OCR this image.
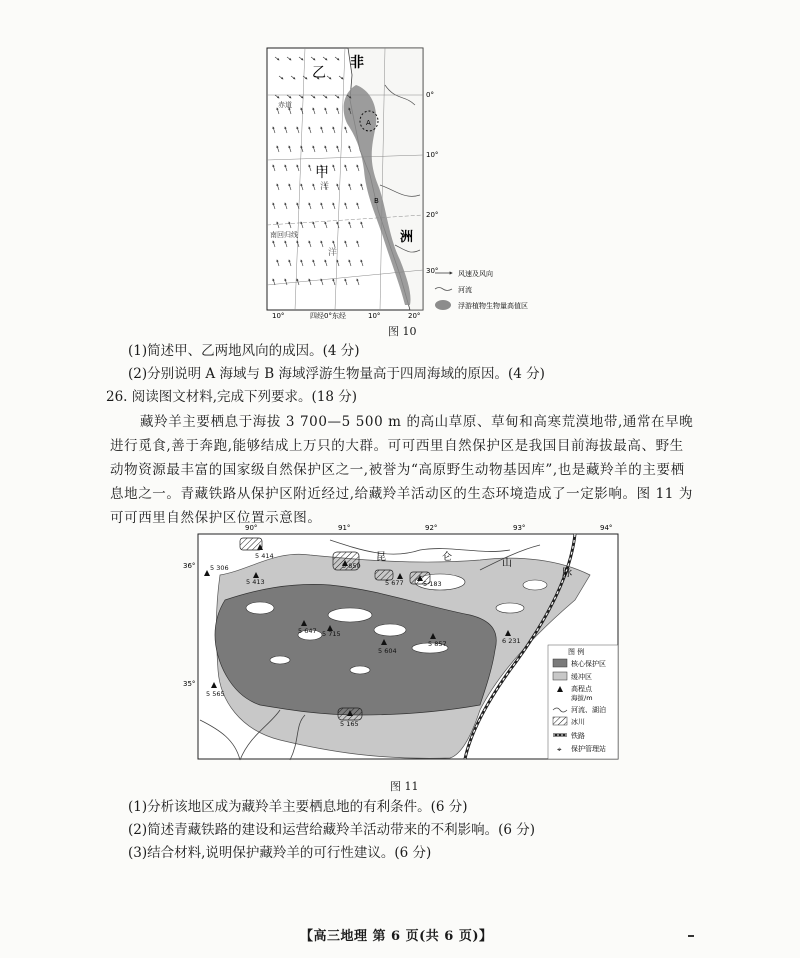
非
洲
乙
甲
A
B
洋
洋
赤道
南回归线
0°
10°
20°
30°
10°	四经0°东经	10°	20°
风速及风向
河流
浮游植物生物量高值区
图 10
(1)简述甲、乙两地风向的成因。(4 分)
(2)分别说明 A 海域与 B 海域浮游生物量高于四周海域的原因。(4 分)
26. 阅读图文材料,完成下列要求。(18 分)
藏羚羊主要栖息于海拔 3 700—5 500 m 的高山草原、草甸和高寒荒漠地带,通常在早晚进行觅食,善于奔跑,能够结成上万只的大群。可可西里自然保护区是我国目前海拔最高、野生动物资源最丰富的国家级自然保护区之一,被誉为“高原野生动物基因库”,也是藏羚羊的主要栖息地之一。青藏铁路从保护区附近经过,给藏羚羊活动区的生态环境造成了一定影响。图 11 为可可西里自然保护区位置示意图。
5 414
5 306
5 413
5 850
5 677	5 183
5 647 5 715
5 604
5 857	6 231
5 565
5 165
昆	仑
山
脉
90°	91°	92°	93°	94°
36°
35°
图 例
核心保护区
缓冲区
高程点
海拔/m
河流、湖泊
冰川
铁路
⌖ 保护管理站
图 11
(1)分析该地区成为藏羚羊主要栖息地的有利条件。(6 分)
(2)简述青藏铁路的建设和运营给藏羚羊活动带来的不利影响。(6 分)
(3)结合材料,说明保护藏羚羊的可行性建议。(6 分)
【高三地理 第 6 页(共 6 页)】
